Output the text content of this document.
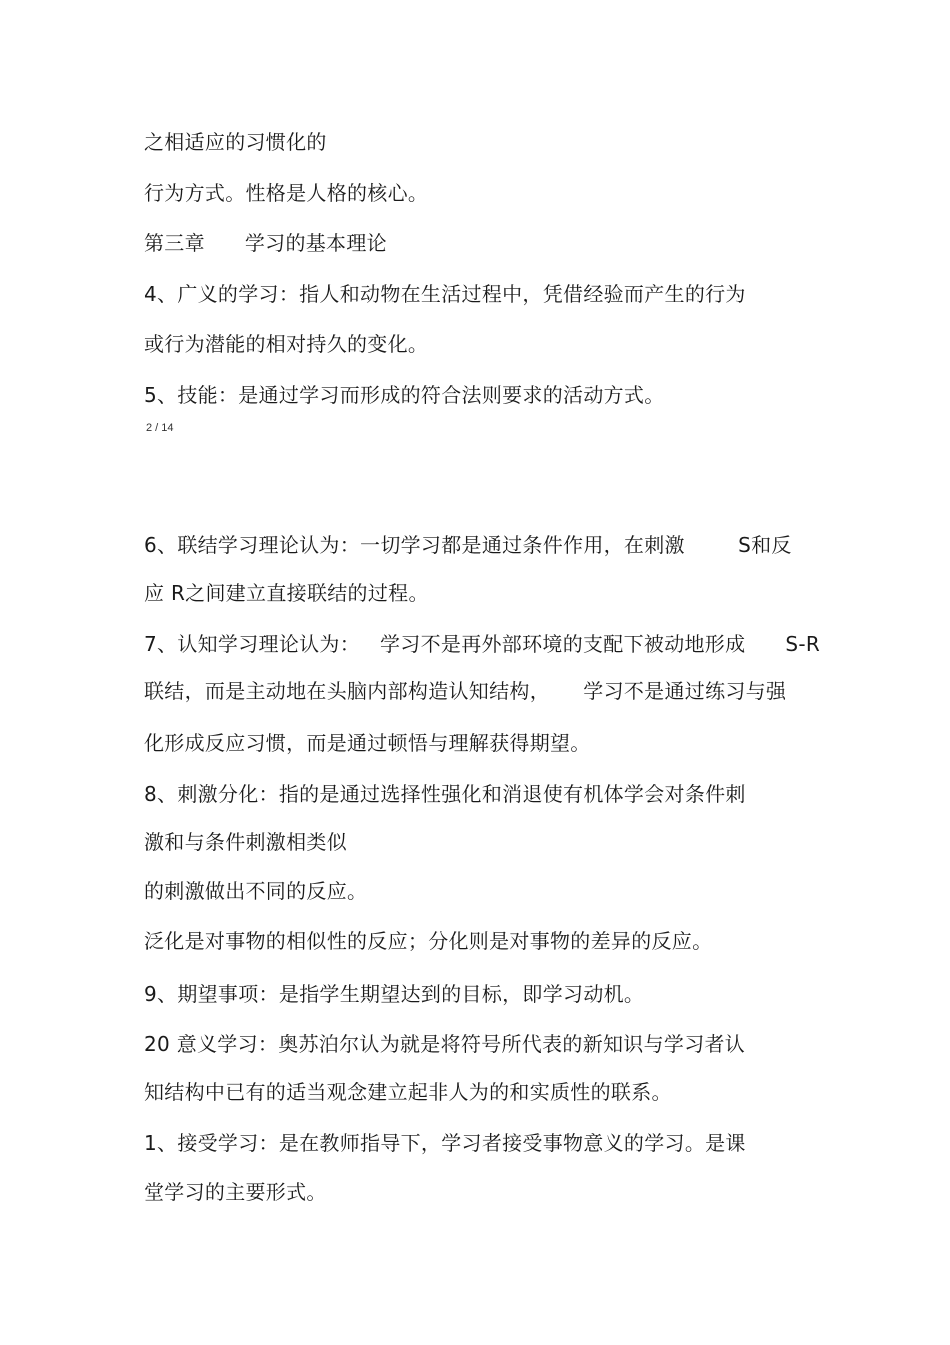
之相适应的习惯化的
行为方式。性格是人格的核心。
第三章      学习的基本理论
4、广义的学习：指人和动物在生活过程中，凭借经验而产生的行为
或行为潜能的相对持久的变化。
5、技能：是通过学习而形成的符合法则要求的活动方式。
2 / 14
6、联结学习理论认为：一切学习都是通过条件作用，在刺激        S和反
应 R之间建立直接联结的过程。
7、认知学习理论认为：   学习不是再外部环境的支配下被动地形成      S-R
联结，而是主动地在头脑内部构造认知结构，     学习不是通过练习与强
化形成反应习惯，而是通过顿悟与理解获得期望。
8、刺激分化：指的是通过选择性强化和消退使有机体学会对条件刺
激和与条件刺激相类似
的刺激做出不同的反应。
泛化是对事物的相似性的反应；分化则是对事物的差异的反应。
9、期望事项：是指学生期望达到的目标，即学习动机。
20 意义学习：奥苏泊尔认为就是将符号所代表的新知识与学习者认
知结构中已有的适当观念建立起非人为的和实质性的联系。
1、接受学习：是在教师指导下，学习者接受事物意义的学习。是课
堂学习的主要形式。
